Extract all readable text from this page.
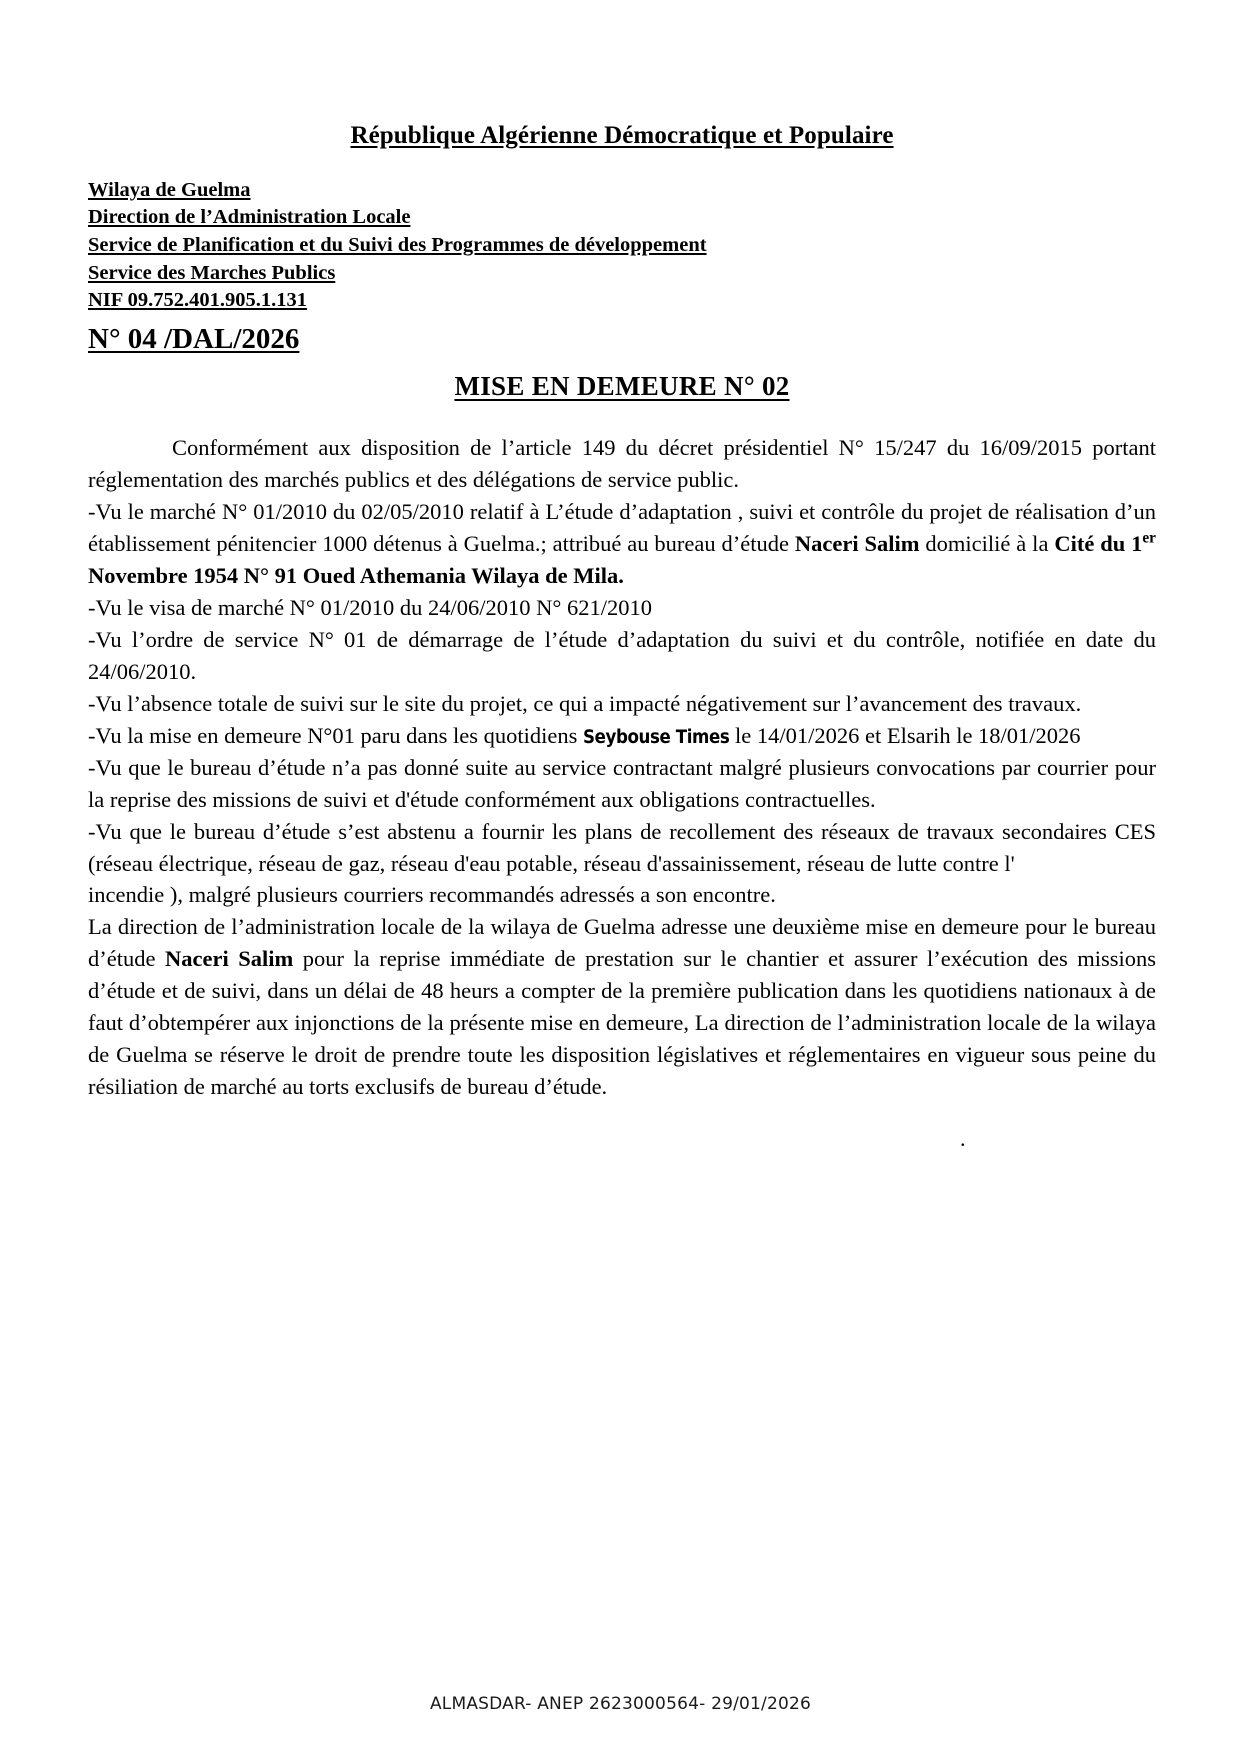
République Algérienne Démocratique et Populaire
Wilaya de Guelma
Direction de l’Administration Locale
Service de Planification et du Suivi des Programmes de développement
Service des Marches Publics
NIF 09.752.401.905.1.131
N° 04 /DAL/2026
MISE EN DEMEURE N° 02

Conformément aux disposition de l’article 149 du décret présidentiel N° 15/247 du 16/09/2015 portant réglementation des marchés publics et des délégations de service public.

-Vu le marché N° 01/2010 du 02/05/2010 relatif à L’étude d’adaptation , suivi et contrôle du projet de réalisation d’un établissement pénitencier 1000 détenus à Guelma.; attribué au bureau d’étude Naceri Salim domicilié à la Cité du 1er Novembre 1954 N° 91 Oued Athemania Wilaya de Mila.

-Vu le visa de marché N° 01/2010 du 24/06/2010 N° 621/2010

-Vu l’ordre de service N° 01 de démarrage de l’étude d’adaptation du suivi et du contrôle, notifiée en date du 24/06/2010.

-Vu l’absence totale de suivi sur le site du projet, ce qui a impacté négativement sur l’avancement des travaux.

-Vu la mise en demeure N°01 paru dans les quotidiens Seybouse Times le 14/01/2026 et Elsarih le 18/01/2026

-Vu que le bureau d’étude n’a pas donné suite au service contractant malgré plusieurs convocations par courrier pour la reprise des missions de suivi et d'étude conformément aux obligations contractuelles.

-Vu que le bureau d’étude s’est abstenu a fournir les plans de recollement des réseaux de travaux secondaires CES (réseau électrique, réseau de gaz, réseau d'eau potable, réseau d'assainissement, réseau de lutte contre l'

incendie ), malgré plusieurs courriers recommandés adressés a son encontre.

La direction de l’administration locale de la wilaya de Guelma adresse une deuxième mise en demeure pour le bureau d’étude Naceri Salim pour la reprise immédiate de prestation sur le chantier et assurer l’exécution des missions d’étude et de suivi, dans un délai de 48 heurs a compter de la première publication dans les quotidiens nationaux à de faut d’obtempérer aux injonctions de la présente mise en demeure, La direction de l’administration locale de la wilaya de Guelma se réserve le droit de prendre toute les disposition législatives et réglementaires en vigueur sous peine du résiliation de marché au torts exclusifs de bureau d’étude.

.
ALMASDAR- ANEP 2623000564- 29/01/2026
